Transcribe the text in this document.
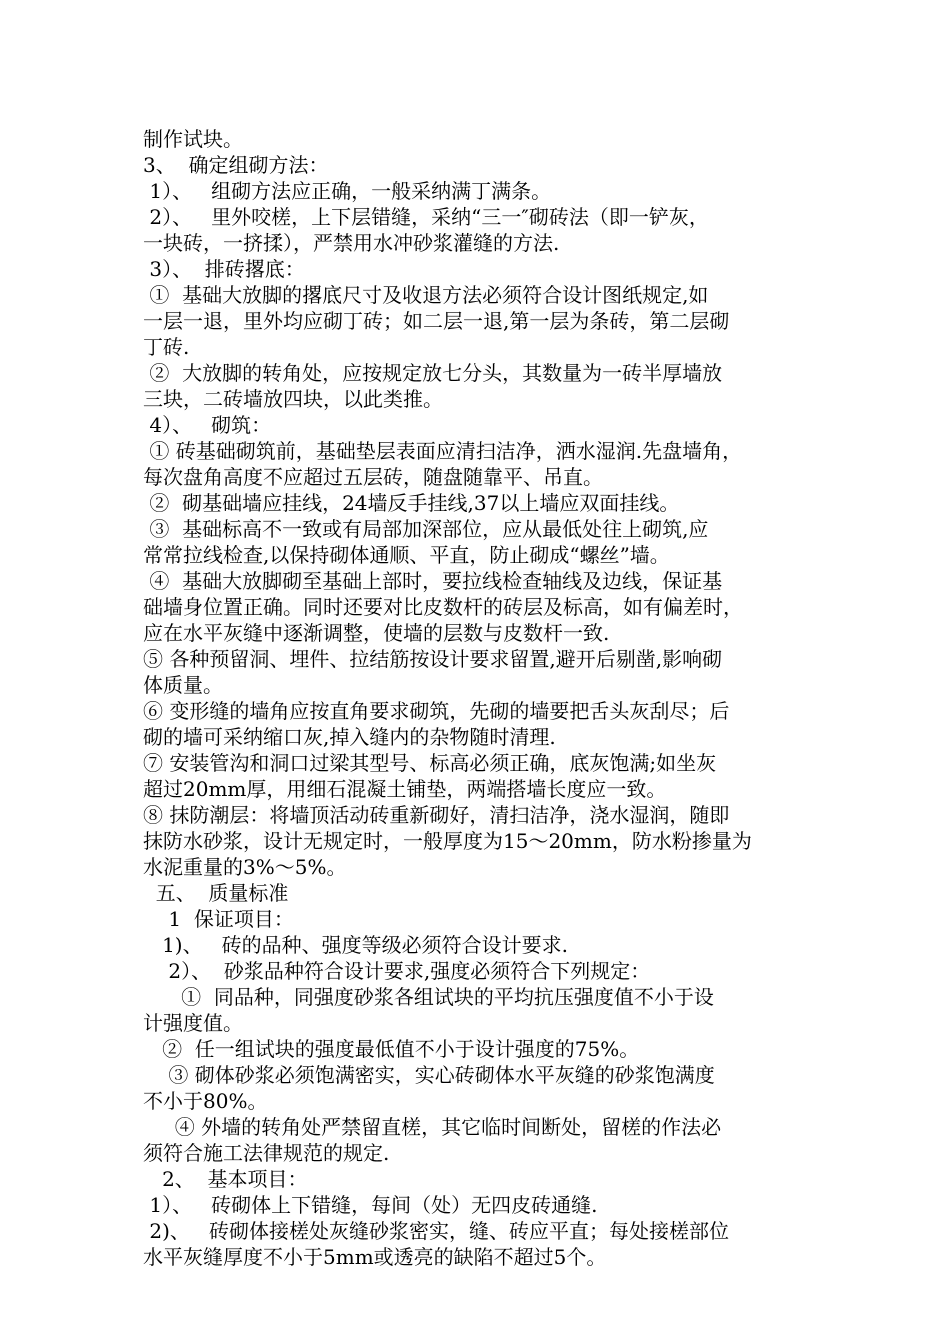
制作试块。
3、  确定组砌方法：
1）、   组砌方法应正确，一般采纳满丁满条。
2）、   里外咬槎，上下层错缝，采纳“三一″砌砖法（即一铲灰，
一块砖，一挤揉），严禁用水冲砂浆灌缝的方法.
3）、  排砖撂底：
①  基础大放脚的撂底尺寸及收退方法必须符合设计图纸规定,如
一层一退，里外均应砌丁砖；如二层一退,第一层为条砖，第二层砌
丁砖.
②  大放脚的转角处，应按规定放七分头，其数量为一砖半厚墙放
三块，二砖墙放四块，以此类推。
4）、   砌筑：
① 砖基础砌筑前，基础垫层表面应清扫洁净，洒水湿润.先盘墙角，
每次盘角高度不应超过五层砖，随盘随靠平、吊直。
②  砌基础墙应挂线，24墙反手挂线,37以上墙应双面挂线。
③  基础标高不一致或有局部加深部位，应从最低处往上砌筑,应
常常拉线检查,以保持砌体通顺、平直，防止砌成“螺丝”墙。
④  基础大放脚砌至基础上部时，要拉线检查轴线及边线，保证基
础墙身位置正确。同时还要对比皮数杆的砖层及标高，如有偏差时，
应在水平灰缝中逐渐调整，使墙的层数与皮数杆一致.
⑤ 各种预留洞、埋件、拉结筋按设计要求留置,避开后剔凿,影响砌
体质量。
⑥ 变形缝的墙角应按直角要求砌筑，先砌的墙要把舌头灰刮尽；后
砌的墙可采纳缩口灰,掉入缝内的杂物随时清理.
⑦ 安装管沟和洞口过梁其型号、标高必须正确，底灰饱满;如坐灰
超过20mm厚，用细石混凝土铺垫，两端搭墙长度应一致。
⑧ 抹防潮层：将墙顶活动砖重新砌好，清扫洁净，浇水湿润，随即
抹防水砂浆，设计无规定时，一般厚度为15～20mm，防水粉掺量为
水泥重量的3%～5%。
五、  质量标准
1  保证项目：
1)、   砖的品种、强度等级必须符合设计要求.
2）、  砂浆品种符合设计要求,强度必须符合下列规定：
①  同品种，同强度砂浆各组试块的平均抗压强度值不小于设
计强度值。
②  任一组试块的强度最低值不小于设计强度的75%。
③ 砌体砂浆必须饱满密实，实心砖砌体水平灰缝的砂浆饱满度
不小于80%。
④ 外墙的转角处严禁留直槎，其它临时间断处，留槎的作法必
须符合施工法律规范的规定.
2、  基本项目：
1）、   砖砌体上下错缝，每间（处）无四皮砖通缝.
2)、   砖砌体接槎处灰缝砂浆密实，缝、砖应平直；每处接槎部位
水平灰缝厚度不小于5mm或透亮的缺陷不超过5个。
